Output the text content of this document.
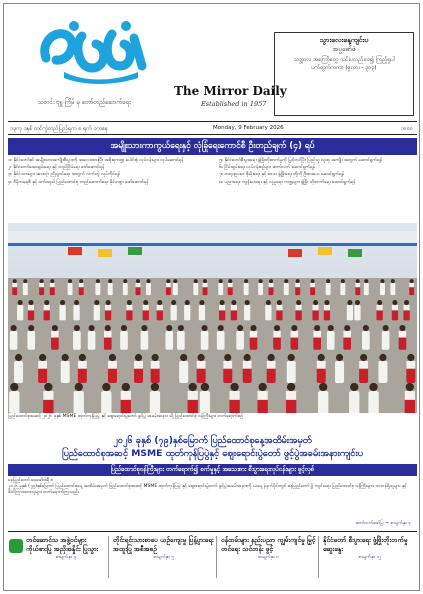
The Mirror Daily
Established in 1957
သတင်း ဗျူ ကြိမ် မှ တော်တည်ဆောက်ရေး
သွားလေးနေ့ကျင်းပ
အပ္ပဖော်ဖဲ
သဘ္ဘာလ အကြော်တွေ သင်းပလည်းလ၍ ကြည့်ရှုပါ
ပက်ထွက်ကကာ (ဇူလား - ၃၀၃)
၁၃ကု ၁နှစ် တင်ကွဲတည်ပြည်ရက ၈ ရက် ၁ကနေ	Monday, 9 February 2026	၁၀၀၀
အမျိုးသားကာကွယ်ရေးနှင့် လုံခြုံရေးကောင်စီ ဦးတည်ချက် (၄) ရပ်

၁။ နိုင်ငံတော်၏ အမျိုးသားအကျိုးစီးပွားကို အလေးထားပြီး အစိုးရကဏ္ဍ ပေါင်းစုံ လုပ်ငန်းများ လုပ်ဆောင်ရန်

၂။ နိုင်ငံတော်အေးချမ်းရေး နှင့် တည်ငြိမ်ရေး ဖော်ဆောင်ရန်

၃။ နိုင်ငံသားများ အားလုံး ညီညွတ်ရေး အတွက် လက်တွဲ လုပ်ကိုင်ရန်

၄။ ဒီမိုကရေစီ နှင့် ဖက်ဒရယ် ပြည်ထောင်စု တည်ဆောက်ရေး ခိုင်မာစွာ ဖော်ဆောင်ရန်

၅။ နိုင်ငံတော်စီးပွားရေး ဖွံ့ဖြိုးတိုးတက်မှုကို မြှင့်တင်ပြီး ပြည်သူ လူထု အကျိုး အတွက် ဆောင်ရွက်ရန်

၆။ ငြိမ်းချမ်းရေး လုပ်ငန်းစဉ်များ ဆက်လက် ဆောင်ရွက်ရန်

၇။ တရားဥပဒေ စိုးမိုးရေး နှင့် ဒေသ ဖွံ့ဖြိုးရေး တို့ကို ဦးစားပေး ဆောင်ရွက်ရန်

၈။ ပညာရေး၊ ကျန်းမာရေး နှင့် လူမှုရေး ကဏ္ဍများ ဖွံ့ဖြိုး တိုးတက်ရေး ဆောင်ရွက်ရန်

ပြည်ထောင်စုအဆင့် ၂၀၂၆ ခုနှစ် MSME ထုတ်ကုန်ပြပွဲ နှင့် ဈေးရောင်းပွဲတော် ဖွင့်ပွဲ အခမ်းအနား သို့ ပြည်ထောင်စု ဝန်ကြီးများ တက်ရောက်စဉ်
၂၀၂၆ ခုနှစ် (၇၉)နှစ်မြောက် ပြည်ထောင်စုနေ့အထိမ်းအမှတ်
ပြည်ထောင်စုအဆင့် MSME ထုတ်ကုန်ပြပွဲနှင့် ဈေးရောင်းပွဲတော် ဖွင့်ပွဲအခမ်းအနားကျင်းပ
ပြည်ထောင်စုဝန်ကြီးများ တက်ရောက်၍ စက်မှုနှင့် အသေးစား စီးပွားရေးလုပ်ငန်းများ ဖွင့်လှစ်
နေပြည်တော် ဖေဖော်ဝါရီ ၈
၂၀၂၆ ခုနှစ် (၇၉)နှစ်မြောက် ပြည်ထောင်စုနေ့ အထိမ်းအမှတ် ပြည်ထောင်စုအဆင့် MSME ထုတ်ကုန်ပြပွဲ နှင့် ဈေးရောင်းပွဲတော် ဖွင့်ပွဲအခမ်းအနားကို ယနေ့ နံနက်ပိုင်းတွင် နေပြည်တော် ၌ ကျင်းပရာ ပြည်ထောင်စု ဝန်ကြီးများ၊ တာဝန်ရှိသူများ နှင့် ဖိတ်ကြားထားသူများ တက်ရောက်ကြသည်။
ဆက်လက်ဖော်ပြ → စာမျက်နှာ ၄
တင်ဆောင်သ အဖွဲ့ဝင်များ ကိုယ်စားပြု အညှိအနှိုင်း ပြုသွား
စာမျက်နှာ ၃
တိုင်းရင်းသားစာပေ ယဉ်ကျေးမှု ပြန့်ပွားရေး အထူးပြု အစီအစဉ်
စာမျက်နှာ ၅
ဝန်ထမ်းများ နည်းပညာ ကျွမ်းကျင်မှု မြှင့်တင်ရေး သင်တန်း ဖွင့်
စာမျက်နှာ ၈
နိုင်ငံတော် စီးပွားရေး ဖွံ့ဖြိုးတိုးတက်မှု ဆွေးနွေး
စာမျက်နှာ ၁၂
